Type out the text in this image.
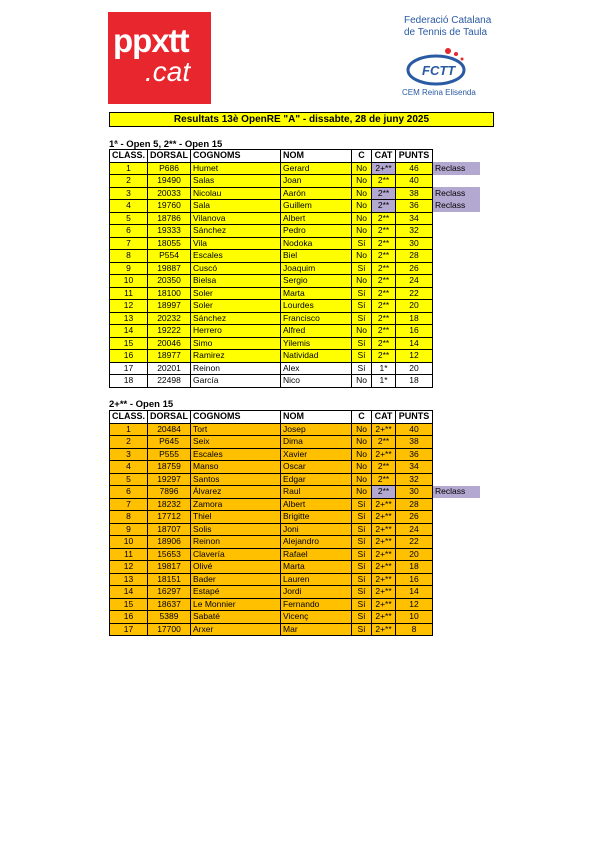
ppxtt
.cat
Federació Catalana
de Tennis de Taula
FCTT
CEM Reina Elisenda
Resultats 13è OpenRE "A" - dissabte, 28 de juny 2025
1ª - Open 5, 2** - Open 15
CLASS.	DORSAL	COGNOMS	NOM	C	CAT	PUNTS	
1	P686	Humet	Gerard	No	2+**	46	Reclass
2	19490	Salas	Joan	No	2**	40	
3	20033	Nicolau	Aarón	No	2**	38	Reclass
4	19760	Sala	Guillem	No	2**	36	Reclass
5	18786	Vilanova	Albert	No	2**	34	
6	19333	Sánchez	Pedro	No	2**	32	
7	18055	Vila	Nodoka	Sí	2**	30	
8	P554	Escales	Biel	No	2**	28	
9	19887	Cuscó	Joaquim	Sí	2**	26	
10	20350	Bielsa	Sergio	No	2**	24	
11	18100	Soler	Marta	Sí	2**	22	
12	18997	Soler	Lourdes	Sí	2**	20	
13	20232	Sánchez	Francisco	Sí	2**	18	
14	19222	Herrero	Alfred	No	2**	16	
15	20046	Simo	Yilemis	Sí	2**	14	
16	18977	Ramirez	Natividad	Sí	2**	12	
17	20201	Reinon	Alex	Sí	1*	20	
18	22498	García	Nico	No	1*	18	
2+** - Open 15
CLASS.	DORSAL	COGNOMS	NOM	C	CAT	PUNTS	
1	20484	Tort	Josep	No	2+**	40	
2	P645	Seix	Dima	No	2**	38	
3	P555	Escales	Xavier	No	2+**	36	
4	18759	Manso	Oscar	No	2**	34	
5	19297	Santos	Edgar	No	2**	32	
6	7896	Álvarez	Raul	No	2**	30	Reclass
7	18232	Zamora	Albert	Sí	2+**	28	
8	17712	Thiel	Brigitte	Sí	2+**	26	
9	18707	Solis	Joni	Sí	2+**	24	
10	18906	Reinon	Alejandro	Sí	2+**	22	
11	15653	Clavería	Rafael	Sí	2+**	20	
12	19817	Olivé	Marta	Sí	2+**	18	
13	18151	Bader	Lauren	Sí	2+**	16	
14	16297	Estapé	Jordi	Sí	2+**	14	
15	18637	Le Monnier	Fernando	Sí	2+**	12	
16	5389	Sabaté	Vicenç	Sí	2+**	10	
17	17700	Arxer	Mar	Sí	2+**	8	
